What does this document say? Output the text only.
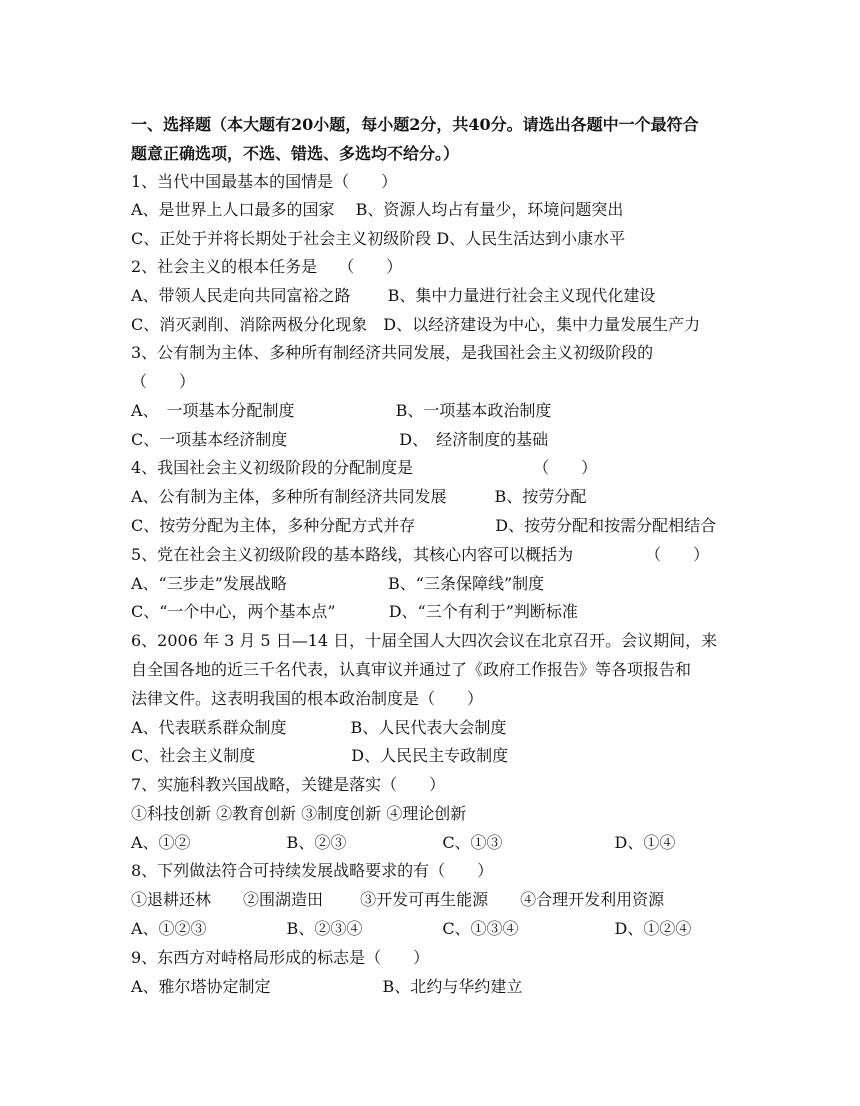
一、选择题（本大题有20小题，每小题2分，共40分。请选出各题中一个最符合
题意正确选项，不选、错选、多选均不给分。）
1、当代中国最基本的国情是（　　）
A、是世界上人口最多的国家　 B、资源人均占有量少，环境问题突出
C、正处于并将长期处于社会主义初级阶段 D、人民生活达到小康水平
2、社会主义的根本任务是　 （　　）
A、带领人民走向共同富裕之路　　 B、集中力量进行社会主义现代化建设
C、消灭剥削、消除两极分化现象　D、以经济建设为中心，集中力量发展生产力
3、公有制为主体、多种所有制经济共同发展，是我国社会主义初级阶段的
（　　）
A、　一项基本分配制度　　　　　　 B、一项基本政治制度
C、一项基本经济制度　　　　　　　D、　经济制度的基础
4、我国社会主义初级阶段的分配制度是　　　　　　　　（　　）
A、公有制为主体，多种所有制经济共同发展　　　B、按劳分配
C、按劳分配为主体，多种分配方式并存　　　　　D、按劳分配和按需分配相结合
5、党在社会主义初级阶段的基本路线，其核心内容可以概括为　　　　　（　　）
A、“三步走”发展战略　　　　　　 B、“三条保障线”制度
C、“一个中心，两个基本点”　　　 D、“三个有利于”判断标准
6、2006 年 3 月 5 日—14 日，十届全国人大四次会议在北京召开。会议期间，来
自全国各地的近三千名代表，认真审议并通过了《政府工作报告》等各项报告和
法律文件。这表明我国的根本政治制度是（　　）
A、代表联系群众制度　　　　B、人民代表大会制度
C、社会主义制度　　　　　　D、人民民主专政制度
7、实施科教兴国战略，关键是落实（　　）
①科技创新 ②教育创新 ③制度创新 ④理论创新
A、①②　　　　　　B、②③　　　　　　C、①③　　　　　　　D、①④
8、下列做法符合可持续发展战略要求的有（　　）
①退耕还林　　②围湖造田　　 ③开发可再生能源　　④合理开发利用资源
A、①②③　　　　　B、②③④　　　　　C、①③④　　　　　　D、①②④
9、东西方对峙格局形成的标志是（　　）
A、雅尔塔协定制定　　　　　　　B、北约与华约建立
